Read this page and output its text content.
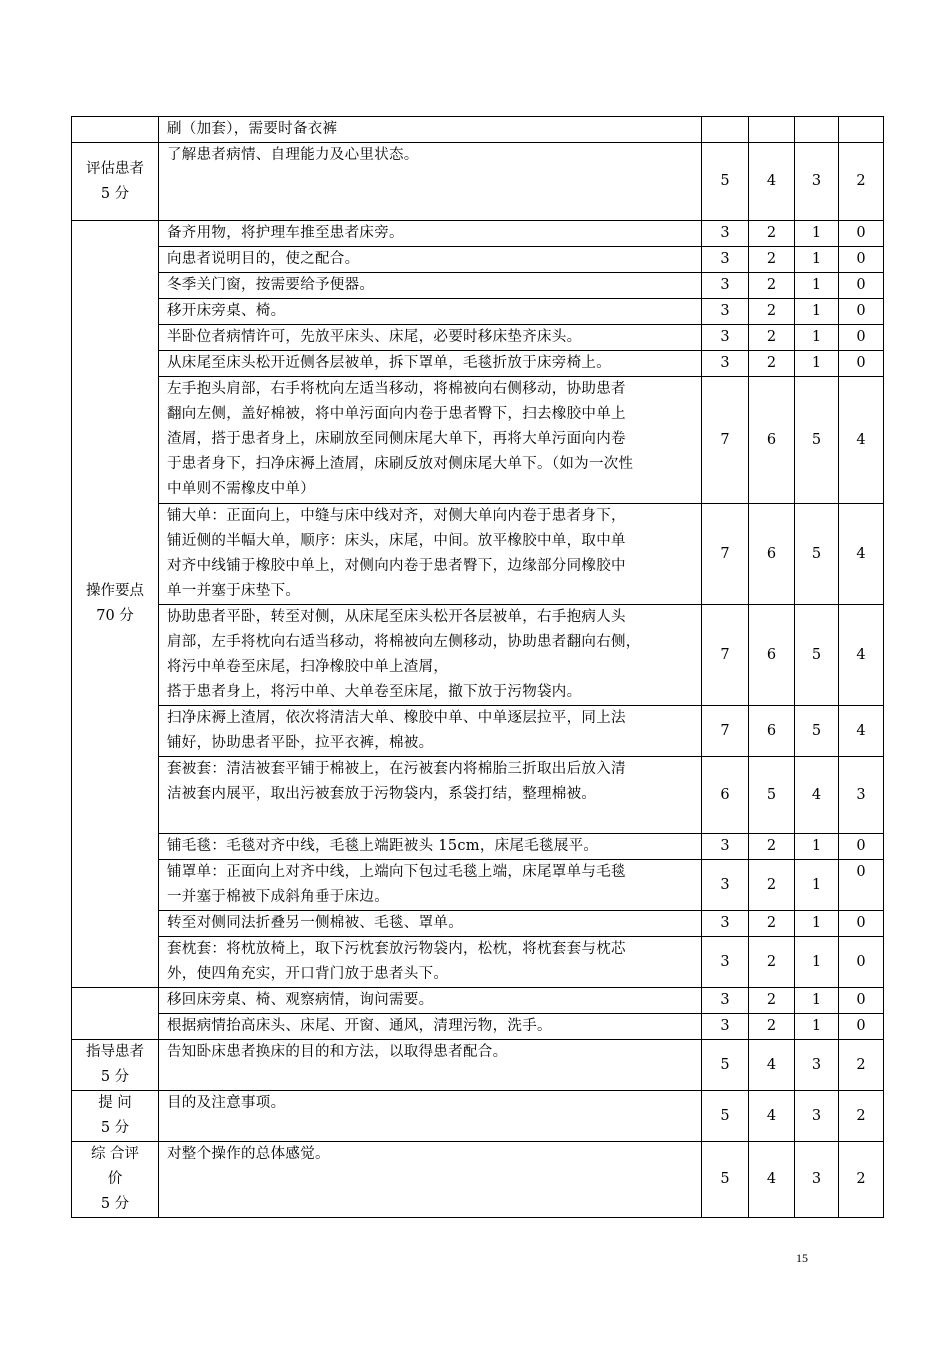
	刷（加套），需要时备衣裤				

评估患者
5 分	了解患者病情、自理能力及心里状态。	5	4	3	2

操作要点
70 分	备齐用物，将护理车推至患者床旁。	3	2	1	0

	向患者说明目的，使之配合。	3	2	1	0

	冬季关门窗，按需要给予便器。	3	2	1	0

	移开床旁桌、椅。	3	2	1	0

	半卧位者病情许可，先放平床头、床尾，必要时移床垫齐床头。	3	2	1	0

	从床尾至床头松开近侧各层被单，拆下罩单，毛毯折放于床旁椅上。	3	2	1	0

	左手抱头肩部，右手将枕向左适当移动，将棉被向右侧移动，协助患者
翻向左侧，盖好棉被，将中单污面向内卷于患者臀下，扫去橡胶中单上
渣屑，搭于患者身上，床刷放至同侧床尾大单下，再将大单污面向内卷
于患者身下，扫净床褥上渣屑，床刷反放对侧床尾大单下。（如为一次性
中单则不需橡皮中单）	7	6	5	4

	铺大单：正面向上，中缝与床中线对齐，对侧大单向内卷于患者身下，
铺近侧的半幅大单，顺序：床头，床尾，中间。放平橡胶中单，取中单
对齐中线铺于橡胶中单上，对侧向内卷于患者臀下，边缘部分同橡胶中
单一并塞于床垫下。	7	6	5	4

	协助患者平卧，转至对侧，从床尾至床头松开各层被单，右手抱病人头
肩部，左手将枕向右适当移动，将棉被向左侧移动，协助患者翻向右侧，
将污中单卷至床尾，扫净橡胶中单上渣屑，
搭于患者身上，将污中单、大单卷至床尾，撤下放于污物袋内。	7	6	5	4

	扫净床褥上渣屑，依次将清洁大单、橡胶中单、中单逐层拉平，同上法
铺好，协助患者平卧，拉平衣裤，棉被。	7	6	5	4

	套被套：清洁被套平铺于棉被上，在污被套内将棉胎三折取出后放入清
洁被套内展平，取出污被套放于污物袋内，系袋打结，整理棉被。	6	5	4	3

	铺毛毯：毛毯对齐中线，毛毯上端距被头 15cm，床尾毛毯展平。	3	2	1	0

	铺罩单：正面向上对齐中线，上端向下包过毛毯上端，床尾罩单与毛毯
一并塞于棉被下成斜角垂于床边。	3	2	1	0

	转至对侧同法折叠另一侧棉被、毛毯、罩单。	3	2	1	0

	套枕套：将枕放椅上，取下污枕套放污物袋内，松枕，将枕套套与枕芯
外，使四角充实，开口背门放于患者头下。	3	2	1	0

	移回床旁桌、椅、观察病情，询问需要。	3	2	1	0

	根据病情抬高床头、床尾、开窗、通风，清理污物，洗手。	3	2	1	0

指导患者
5 分	告知卧床患者换床的目的和方法，以取得患者配合。	5	4	3	2

提 问
5 分	目的及注意事项。	5	4	3	2

综 合评
价
5 分	对整个操作的总体感觉。	5	4	3	2
15
